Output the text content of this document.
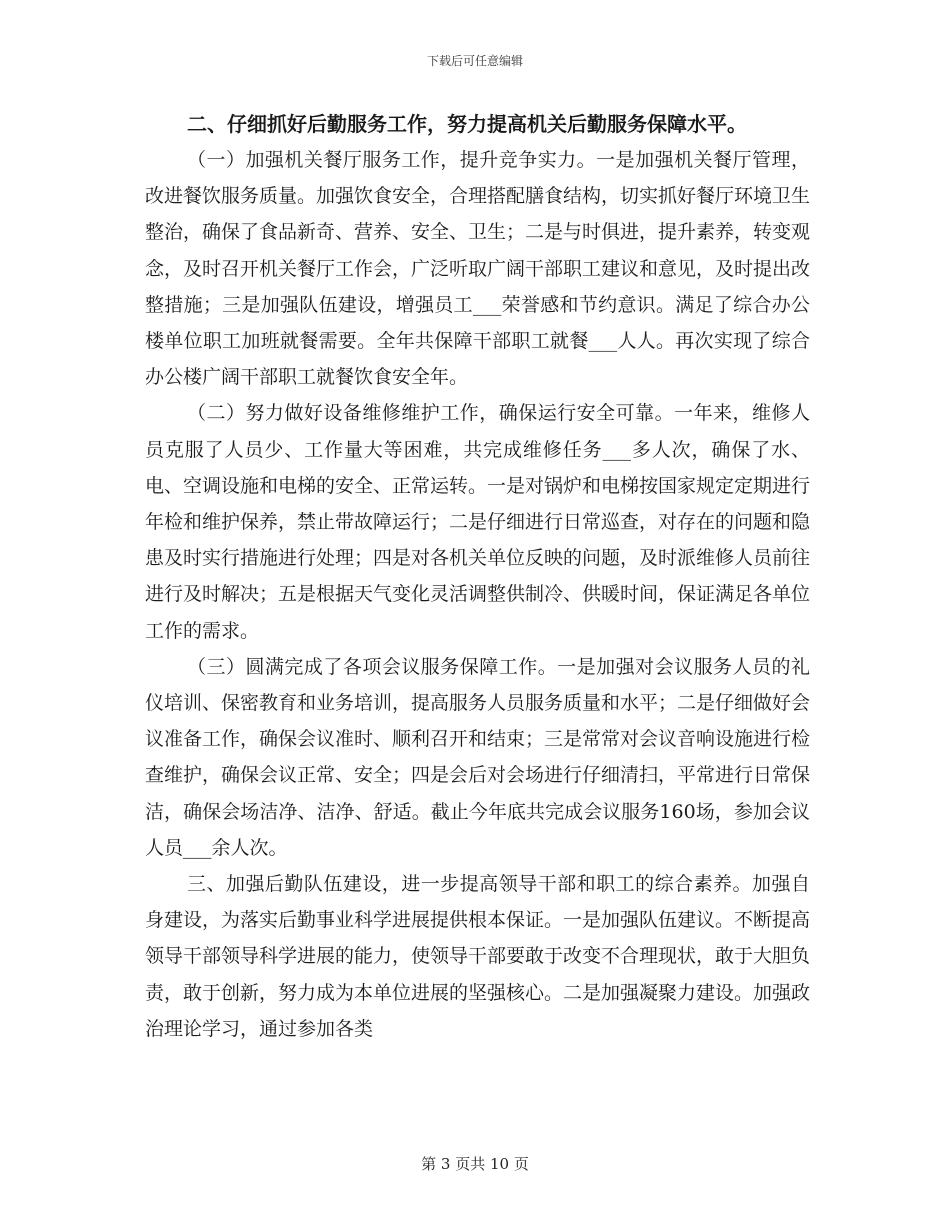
下载后可任意编辑

二、仔细抓好后勤服务工作，努力提高机关后勤服务保障水平。

（一）加强机关餐厅服务工作，提升竞争实力。一是加强机关餐厅管理，改进餐饮服务质量。加强饮食安全，合理搭配膳食结构，切实抓好餐厅环境卫生整治，确保了食品新奇、营养、安全、卫生；二是与时俱进，提升素养，转变观念，及时召开机关餐厅工作会，广泛听取广阔干部职工建议和意见，及时提出改整措施；三是加强队伍建设，增强员工___荣誉感和节约意识。满足了综合办公楼单位职工加班就餐需要。全年共保障干部职工就餐___人人。再次实现了综合办公楼广阔干部职工就餐饮食安全年。

（二）努力做好设备维修维护工作，确保运行安全可靠。一年来，维修人员克服了人员少、工作量大等困难，共完成维修任务___多人次，确保了水、电、空调设施和电梯的安全、正常运转。一是对锅炉和电梯按国家规定定期进行年检和维护保养，禁止带故障运行；二是仔细进行日常巡查，对存在的问题和隐患及时实行措施进行处理；四是对各机关单位反映的问题，及时派维修人员前往进行及时解决；五是根据天气变化灵活调整供制冷、供暖时间，保证满足各单位工作的需求。

（三）圆满完成了各项会议服务保障工作。一是加强对会议服务人员的礼仪培训、保密教育和业务培训，提高服务人员服务质量和水平；二是仔细做好会议准备工作，确保会议准时、顺利召开和结束；三是常常对会议音响设施进行检查维护，确保会议正常、安全；四是会后对会场进行仔细清扫，平常进行日常保洁，确保会场洁净、洁净、舒适。截止今年底共完成会议服务160场，参加会议人员___余人次。

三、加强后勤队伍建设，进一步提高领导干部和职工的综合素养。加强自身建设，为落实后勤事业科学进展提供根本保证。一是加强队伍建议。不断提高领导干部领导科学进展的能力，使领导干部要敢于改变不合理现状，敢于大胆负责，敢于创新，努力成为本单位进展的坚强核心。二是加强凝聚力建设。加强政治理论学习，通过参加各类

第 3 页共 10 页
